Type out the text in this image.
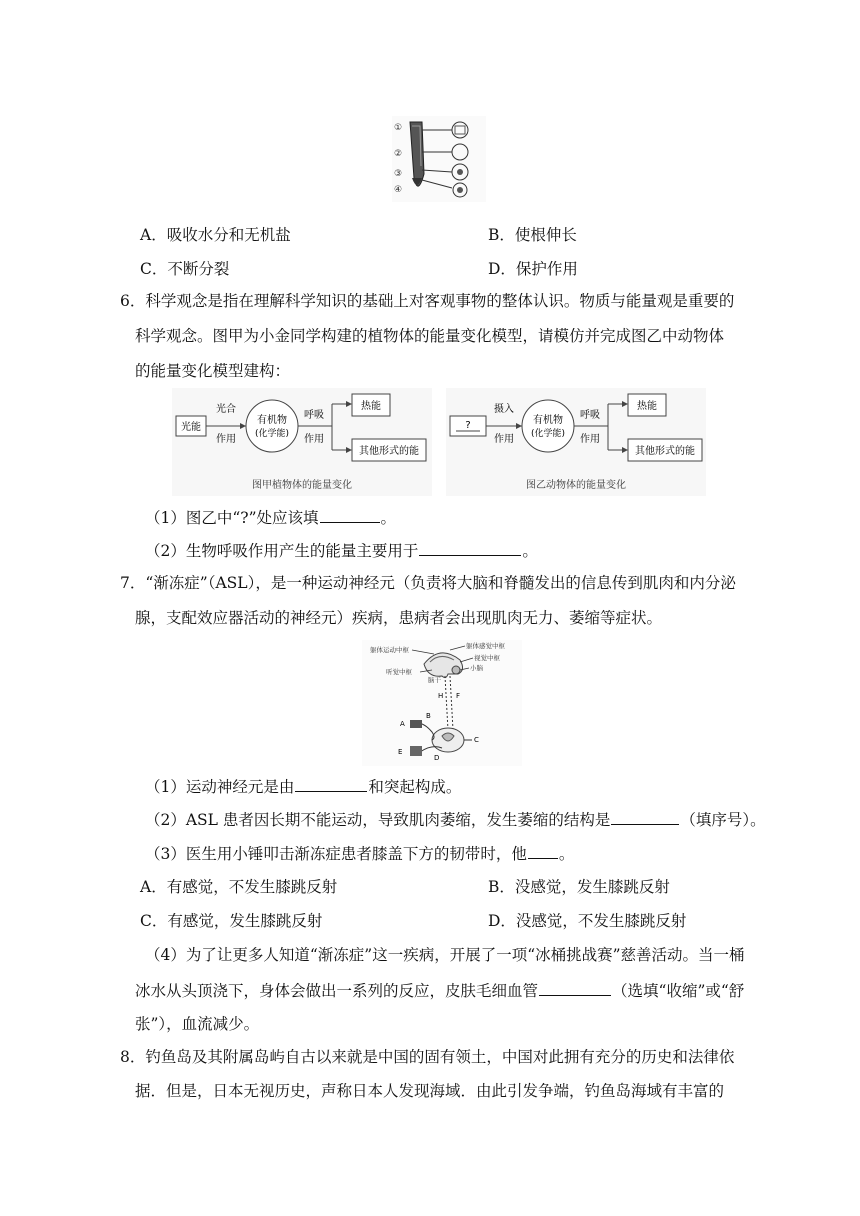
①
②
③
④
A．吸收水分和无机盐	B．使根伸长
C．不断分裂	D．保护作用
6．科学观念是指在理解科学知识的基础上对客观事物的整体认识。物质与能量观是重要的
科学观念。图甲为小金同学构建的植物体的能量变化模型，请模仿并完成图乙中动物体
的能量变化模型建构：
光能
光合
作用
有机物
(化学能)
呼吸
作用
热能
其他形式的能
图甲植物体的能量变化
?
摄入
作用
有机物
(化学能)
呼吸
作用
热能
其他形式的能
图乙动物体的能量变化
（1）图乙中“?”处应该填	。
（2）生物呼吸作用产生的能量主要用于	。
7．“渐冻症”（ASL），是一种运动神经元（负责将大脑和脊髓发出的信息传到肌肉和内分泌
腺，支配效应器活动的神经元）疾病，患病者会出现肌肉无力、萎缩等症状。
躯体运动中枢	躯体感觉中枢
视觉中枢
听觉中枢	小脑
脑干
H F
A
B
C
E
D
（1）运动神经元是由	和突起构成。
（2）ASL 患者因长期不能运动，导致肌肉萎缩，发生萎缩的结构是	（填序号）。
（3）医生用小锤叩击渐冻症患者膝盖下方的韧带时，他 。
A．有感觉，不发生膝跳反射	B．没感觉，发生膝跳反射
C．有感觉，发生膝跳反射	D．没感觉，不发生膝跳反射
（4）为了让更多人知道“渐冻症”这一疾病，开展了一项“冰桶挑战赛”慈善活动。当一桶
冰水从头顶浇下，身体会做出一系列的反应，皮肤毛细血管	（选填“收缩”或“舒
张”），血流减少。
8．钓鱼岛及其附属岛屿自古以来就是中国的固有领土，中国对此拥有充分的历史和法律依
据．但是，日本无视历史，声称日本人发现海域．由此引发争端，钓鱼岛海域有丰富的
